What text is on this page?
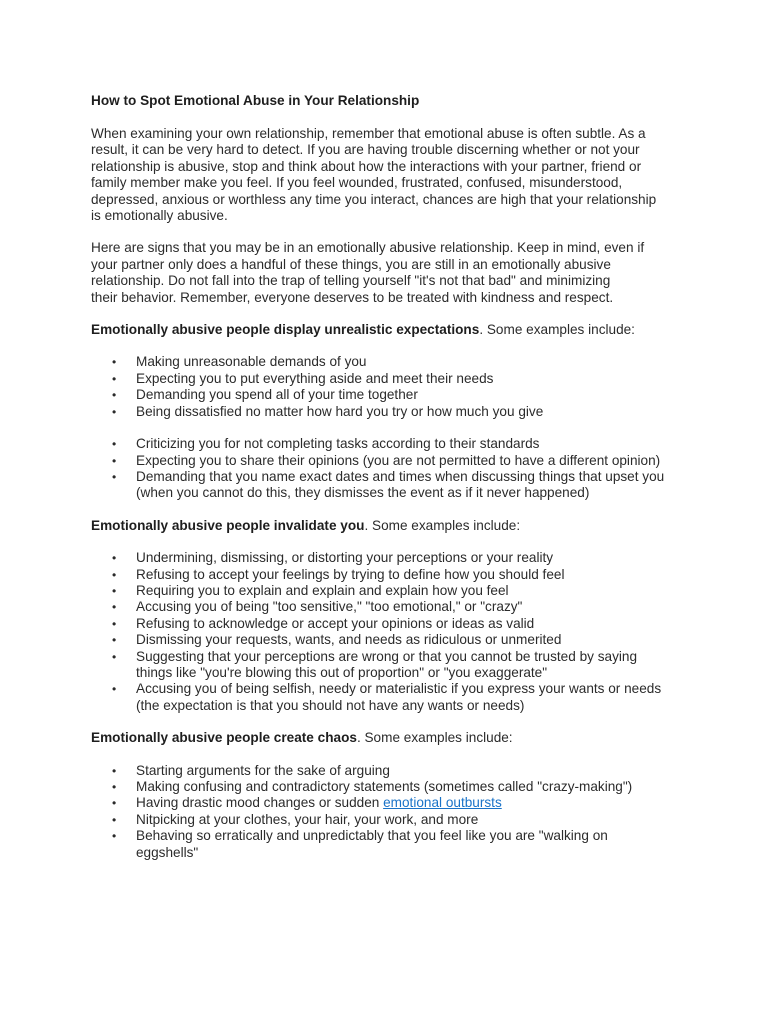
How to Spot Emotional Abuse in Your Relationship

When examining your own relationship, remember that emotional abuse is often subtle. As a
result, it can be very hard to detect. If you are having trouble discerning whether or not your
relationship is abusive, stop and think about how the interactions with your partner, friend or
family member make you feel. If you feel wounded, frustrated, confused, misunderstood,
depressed, anxious or worthless any time you interact, chances are high that your relationship
is emotionally abusive.

Here are signs that you may be in an emotionally abusive relationship. Keep in mind, even if
your partner only does a handful of these things, you are still in an emotionally abusive
relationship. Do not fall into the trap of telling yourself "it's not that bad" and minimizing
their behavior. Remember, everyone deserves to be treated with kindness and respect.

Emotionally abusive people display unrealistic expectations. Some examples include:

• Making unreasonable demands of you
• Expecting you to put everything aside and meet their needs
• Demanding you spend all of your time together
• Being dissatisfied no matter how hard you try or how much you give
• Criticizing you for not completing tasks according to their standards
• Expecting you to share their opinions (you are not permitted to have a different opinion)
• Demanding that you name exact dates and times when discussing things that upset you
(when you cannot do this, they dismisses the event as if it never happened)

Emotionally abusive people invalidate you. Some examples include:

• Undermining, dismissing, or distorting your perceptions or your reality
• Refusing to accept your feelings by trying to define how you should feel
• Requiring you to explain and explain and explain how you feel
• Accusing you of being "too sensitive," "too emotional," or "crazy"
• Refusing to acknowledge or accept your opinions or ideas as valid
• Dismissing your requests, wants, and needs as ridiculous or unmerited
• Suggesting that your perceptions are wrong or that you cannot be trusted by saying
things like "you're blowing this out of proportion" or "you exaggerate"
• Accusing you of being selfish, needy or materialistic if you express your wants or needs
(the expectation is that you should not have any wants or needs)

Emotionally abusive people create chaos. Some examples include:

• Starting arguments for the sake of arguing
• Making confusing and contradictory statements (sometimes called "crazy-making")
• Having drastic mood changes or sudden emotional outbursts
• Nitpicking at your clothes, your hair, your work, and more
• Behaving so erratically and unpredictably that you feel like you are "walking on
eggshells"
